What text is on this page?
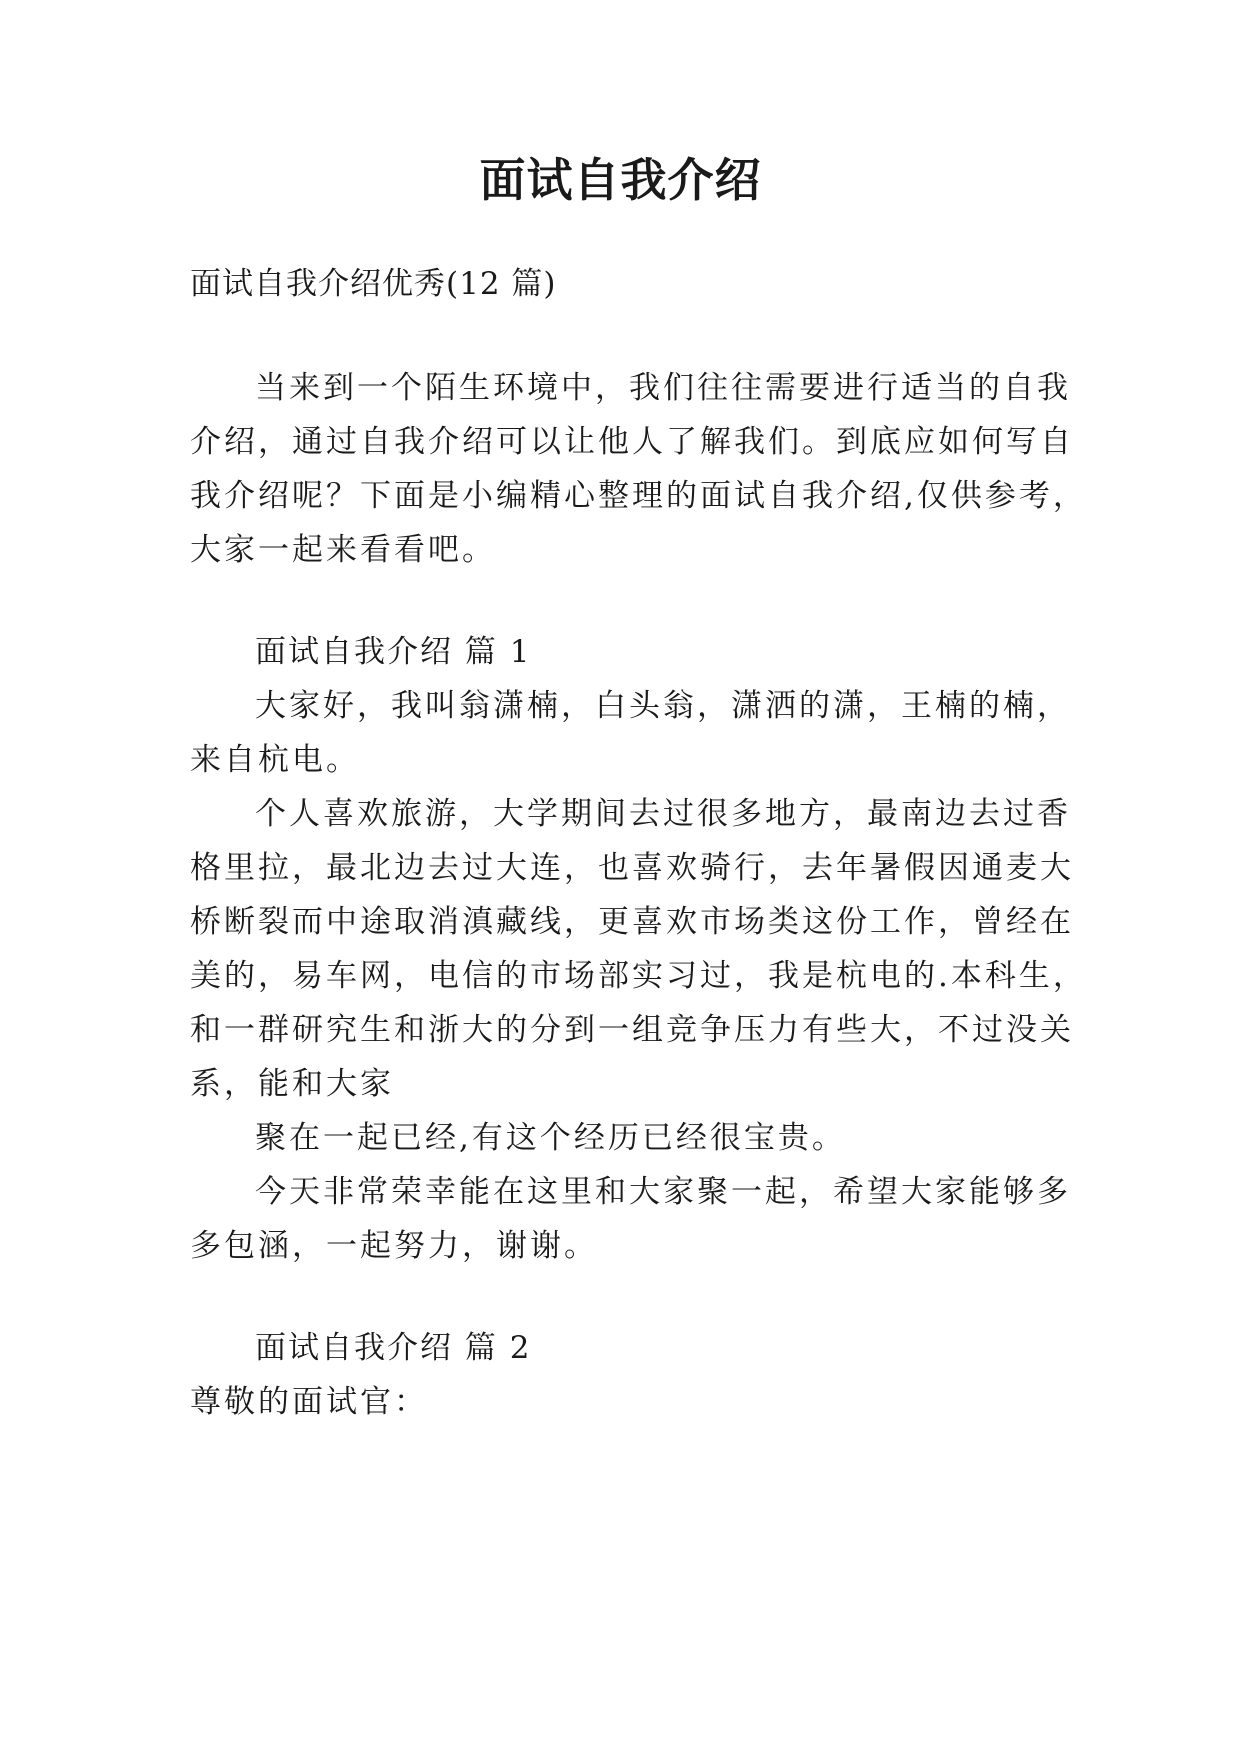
面试自我介绍
面试自我介绍优秀(12 篇)
当来到一个陌生环境中，我们往往需要进行适当的自我
介绍，通过自我介绍可以让他人了解我们。到底应如何写自
我介绍呢？下面是小编精心整理的面试自我介绍,仅供参考，
大家一起来看看吧。
面试自我介绍 篇 1
大家好，我叫翁潇楠，白头翁，潇洒的潇，王楠的楠，
来自杭电。
个人喜欢旅游，大学期间去过很多地方，最南边去过香
格里拉，最北边去过大连，也喜欢骑行，去年暑假因通麦大
桥断裂而中途取消滇藏线，更喜欢市场类这份工作，曾经在
美的，易车网，电信的市场部实习过，我是杭电的.本科生，
和一群研究生和浙大的分到一组竞争压力有些大，不过没关
系，能和大家
聚在一起已经,有这个经历已经很宝贵。
今天非常荣幸能在这里和大家聚一起，希望大家能够多
多包涵，一起努力，谢谢。
面试自我介绍 篇 2
尊敬的面试官：
